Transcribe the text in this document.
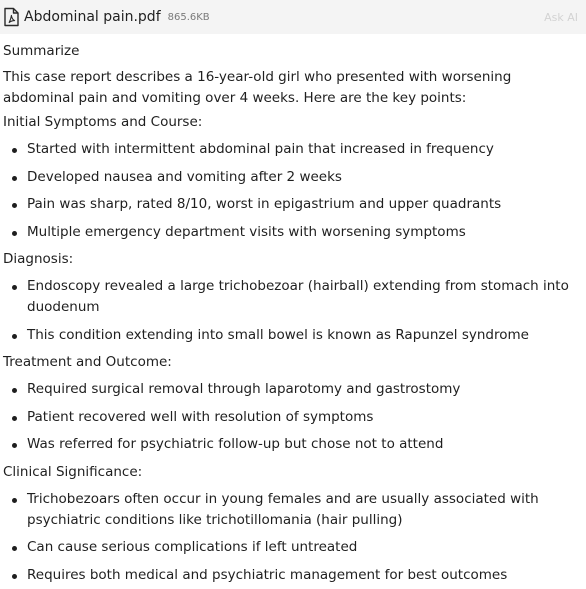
Abdominal pain.pdf 865.6KB	Ask AI

Summarize

This case report describes a 16-year-old girl who presented with worsening abdominal pain and vomiting over 4 weeks. Here are the key points:

Initial Symptoms and Course:
Started with intermittent abdominal pain that increased in frequency
Developed nausea and vomiting after 2 weeks
Pain was sharp, rated 8/10, worst in epigastrium and upper quadrants
Multiple emergency department visits with worsening symptoms
Diagnosis:
Endoscopy revealed a large trichobezoar (hairball) extending from stomach into duodenum
This condition extending into small bowel is known as Rapunzel syndrome
Treatment and Outcome:
Required surgical removal through laparotomy and gastrostomy
Patient recovered well with resolution of symptoms
Was referred for psychiatric follow-up but chose not to attend
Clinical Significance:
Trichobezoars often occur in young females and are usually associated with psychiatric conditions like trichotillomania (hair pulling)
Can cause serious complications if left untreated
Requires both medical and psychiatric management for best outcomes
